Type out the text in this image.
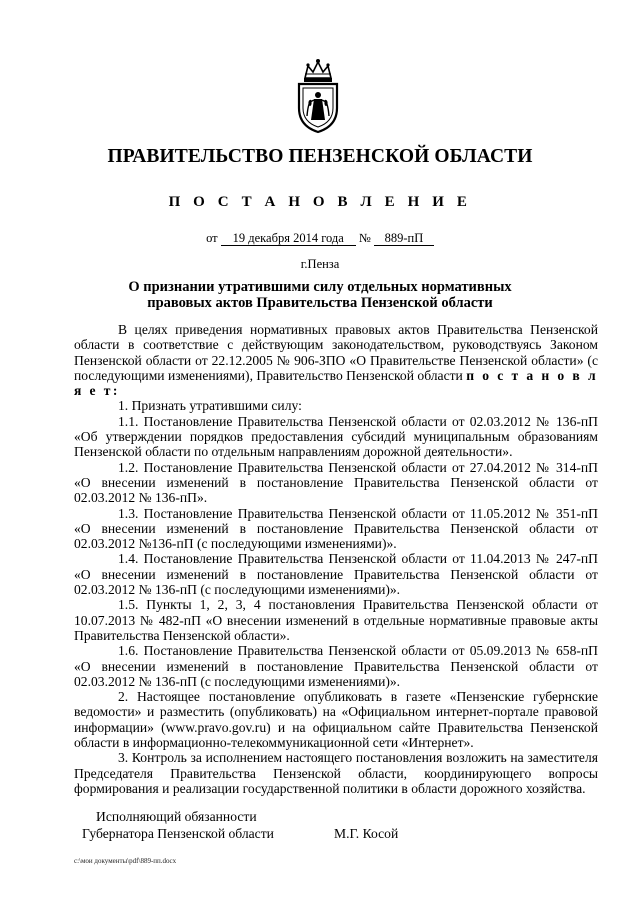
ПРАВИТЕЛЬСТВО ПЕНЗЕНСКОЙ ОБЛАСТИ
П О С Т А Н О В Л Е Н И Е
от 19 декабря 2014 года № 889-пП
г.Пенза
О признании утратившими силу отдельных нормативных
правовых актов Правительства Пензенской области

В целях приведения нормативных правовых актов Правительства Пензенской области в соответствие с действующим законодательством, руководствуясь Законом Пензенской области от 22.12.2005 № 906-ЗПО «О Правительстве Пензенской области» (с последующими изменениями), Правительство Пензенской области п о с т а н о в л я е т:

1. Признать утратившими силу:

1.1. Постановление Правительства Пензенской области от 02.03.2012 № 136-пП «Об утверждении порядков предоставления субсидий муниципальным образованиям Пензенской области по отдельным направлениям дорожной деятельности».

1.2. Постановление Правительства Пензенской области от 27.04.2012 № 314-пП «О внесении изменений в постановление Правительства Пензенской области от 02.03.2012 № 136-пП».

1.3. Постановление Правительства Пензенской области от 11.05.2012 № 351-пП «О внесении изменений в постановление Правительства Пензенской области от 02.03.2012 №136-пП (с последующими изменениями)».

1.4. Постановление Правительства Пензенской области от 11.04.2013 № 247-пП «О внесении изменений в постановление Правительства Пензенской области от 02.03.2012 № 136-пП (с последующими изменениями)».

1.5. Пункты 1, 2, 3, 4 постановления Правительства Пензенской области от 10.07.2013 № 482-пП «О внесении изменений в отдельные нормативные правовые акты Правительства Пензенской области».

1.6. Постановление Правительства Пензенской области от 05.09.2013 № 658-пП «О внесении изменений в постановление Правительства Пензенской области от 02.03.2012 № 136-пП (с последующими изменениями)».

2. Настоящее постановление опубликовать в газете «Пензенские губернские ведомости» и разместить (опубликовать) на «Официальном интернет-портале правовой информации» (www.pravo.gov.ru) и на официальном сайте Правительства Пензенской области в информационно-телекоммуникационной сети «Интернет».

3. Контроль за исполнением настоящего постановления возложить на заместителя Председателя Правительства Пензенской области, координирующего вопросы формирования и реализации государственной политики в области дорожного хозяйства.

Исполняющий обязанности
Губернатора Пензенской области	М.Г. Косой
c:\мои документы\pdf\889-пп.docx
